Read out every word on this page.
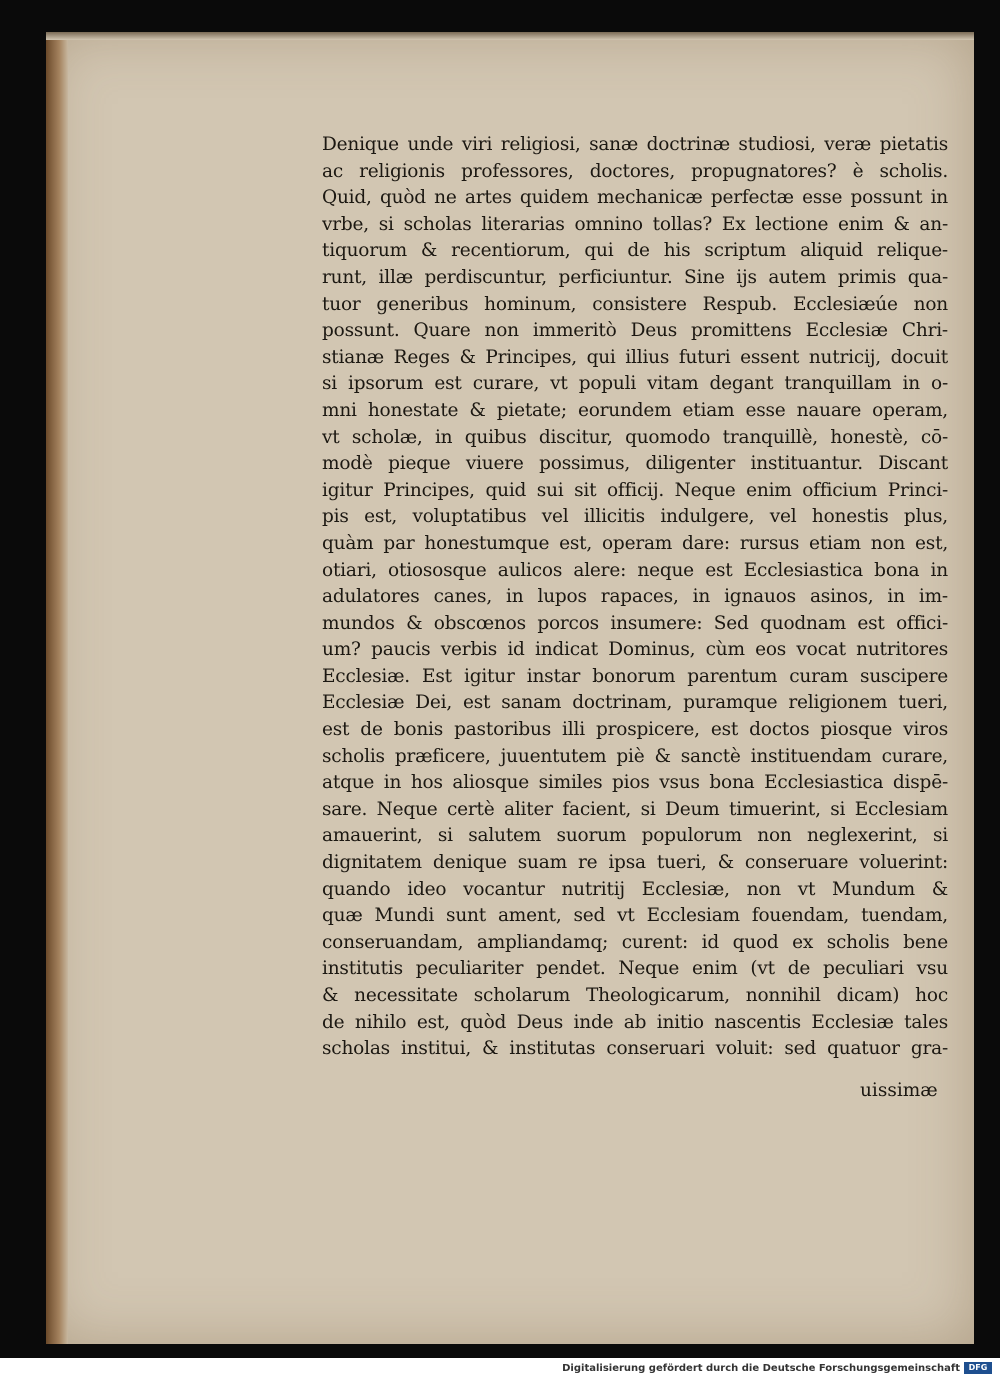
Denique unde viri religiosi, sanæ doctrinæ studiosi, veræ pietatis
ac religionis professores, doctores, propugnatores? è scholis.
Quid, quòd ne artes quidem mechanicæ perfectæ esse possunt in
vrbe, si scholas literarias omnino tollas? Ex lectione enim & an-
tiquorum & recentiorum, qui de his scriptum aliquid relique-
runt, illæ perdiscuntur, perficiuntur. Sine ijs autem primis qua-
tuor generibus hominum, consistere Respub. Ecclesiæúe non
possunt. Quare non immeritò Deus promittens Ecclesiæ Chri-
stianæ Reges & Principes, qui illius futuri essent nutricij, docuit
si ipsorum est curare, vt populi vitam degant tranquillam in o-
mni honestate & pietate; eorundem etiam esse nauare operam,
vt scholæ, in quibus discitur, quomodo tranquillè, honestè, cō-
modè pieque viuere possimus, diligenter instituantur. Discant
igitur Principes, quid sui sit officij. Neque enim officium Princi-
pis est, voluptatibus vel illicitis indulgere, vel honestis plus,
quàm par honestumque est, operam dare: rursus etiam non est,
otiari, otiososque aulicos alere: neque est Ecclesiastica bona in
adulatores canes, in lupos rapaces, in ignauos asinos, in im-
mundos & obscœnos porcos insumere: Sed quodnam est offici-
um? paucis verbis id indicat Dominus, cùm eos vocat nutritores
Ecclesiæ. Est igitur instar bonorum parentum curam suscipere
Ecclesiæ Dei, est sanam doctrinam, puramque religionem tueri,
est de bonis pastoribus illi prospicere, est doctos piosque viros
scholis præficere, juuentutem piè & sanctè instituendam curare,
atque in hos aliosque similes pios vsus bona Ecclesiastica dispē-
sare. Neque certè aliter facient, si Deum timuerint, si Ecclesiam
amauerint, si salutem suorum populorum non neglexerint, si
dignitatem denique suam re ipsa tueri, & conseruare voluerint:
quando ideo vocantur nutritij Ecclesiæ, non vt Mundum &
quæ Mundi sunt ament, sed vt Ecclesiam fouendam, tuendam,
conseruandam, ampliandamq; curent: id quod ex scholis bene
institutis peculiariter pendet. Neque enim (vt de peculiari vsu
& necessitate scholarum Theologicarum, nonnihil dicam) hoc
de nihilo est, quòd Deus inde ab initio nascentis Ecclesiæ tales
scholas institui, & institutas conseruari voluit: sed quatuor gra-
uissimæ
Digitalisierung gefördert durch die Deutsche Forschungsgemeinschaft	DFG
